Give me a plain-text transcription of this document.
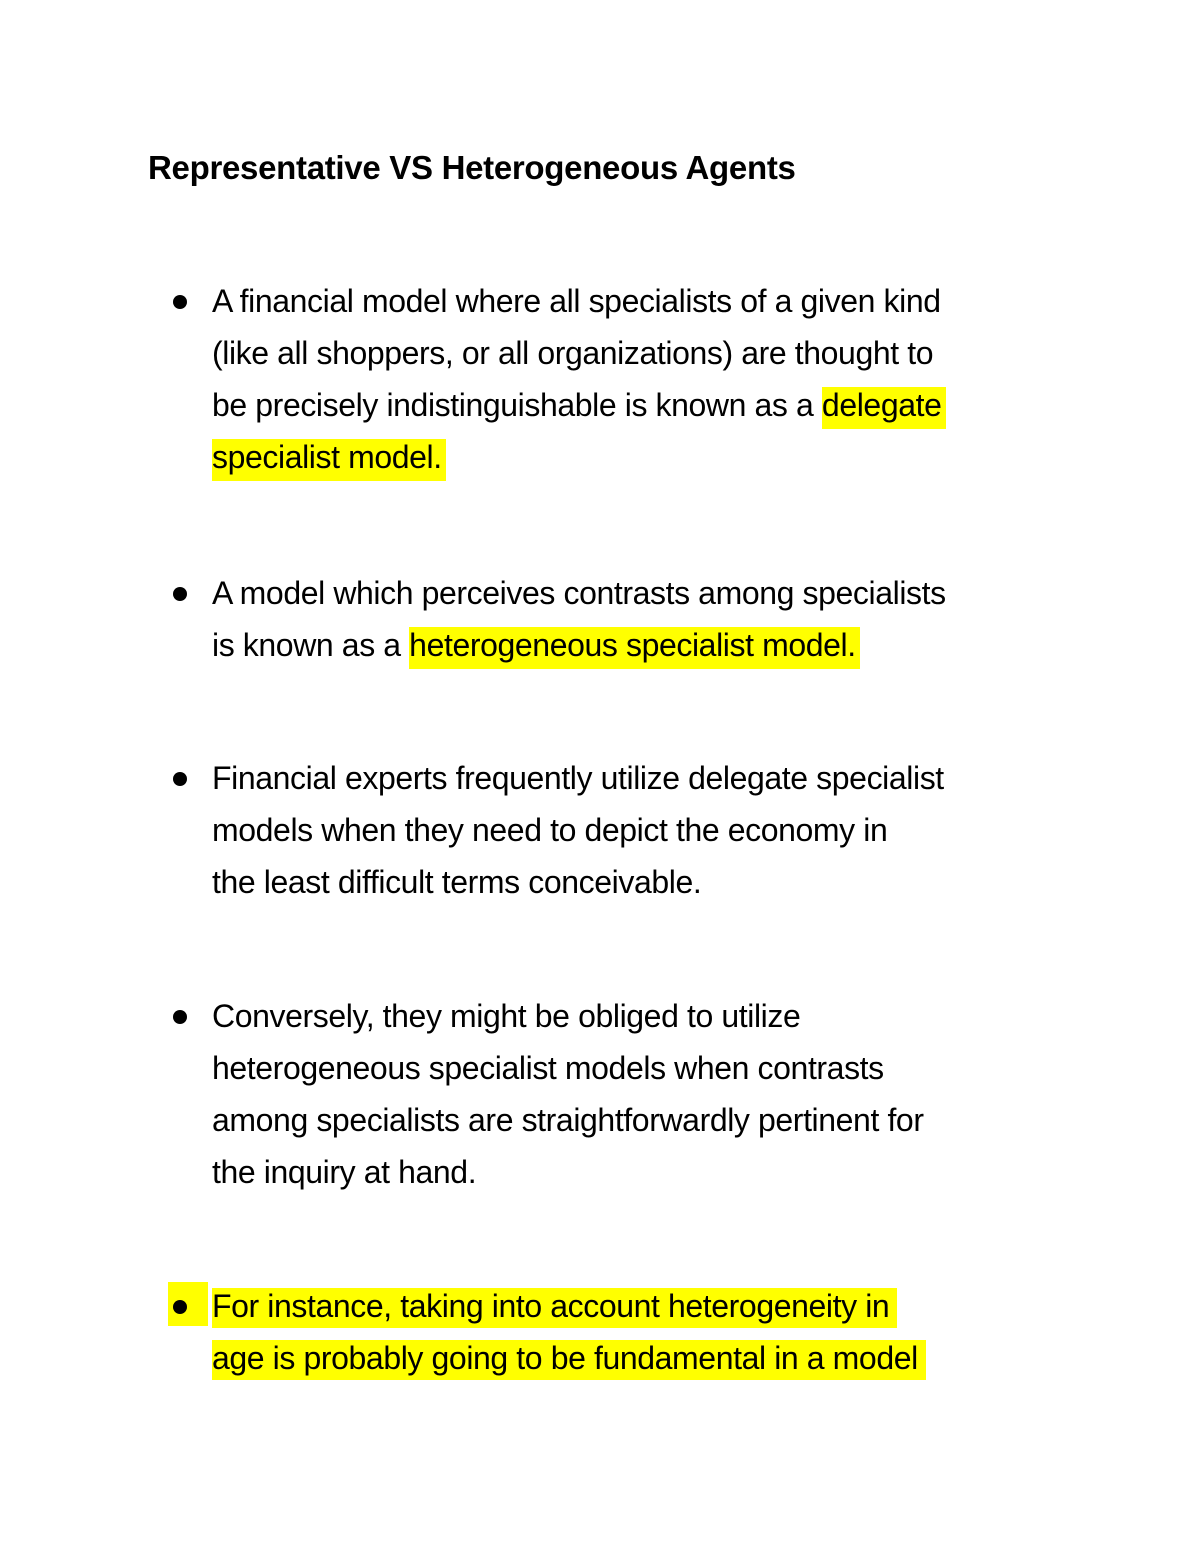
Representative VS Heterogeneous Agents
A financial model where all specialists of a given kind
(like all shoppers, or all organizations) are thought to
be precisely indistinguishable is known as a delegate
specialist model.
A model which perceives contrasts among specialists
is known as a heterogeneous specialist model.
Financial experts frequently utilize delegate specialist
models when they need to depict the economy in
the least difficult terms conceivable.
Conversely, they might be obliged to utilize
heterogeneous specialist models when contrasts
among specialists are straightforwardly pertinent for
the inquiry at hand.
For instance, taking into account heterogeneity in
age is probably going to be fundamental in a model
